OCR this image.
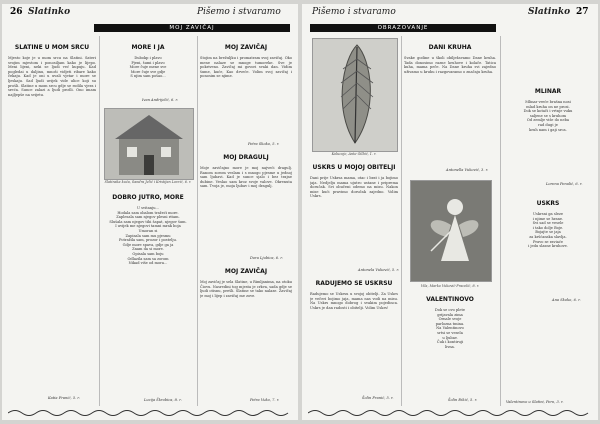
26 Slatinko	Pišemo i stvaramo
MOJ ZAVIČAJ
SLATINE U MOM SRCU
Mjesto koje je u mom srcu na Slatini. Sateri svojim mjestom i ponosiljam kako je lijepo. Meni lijeni, neki se ljudi već kupuju. Kad pogledai u daljinu, mnoši vidjeti ribare kako čekaju. Kad je oni u uvali vjetar i more se ljeskaju. Sad ljudi uvijek vide ulice koji su prošli. Slatine u mom srcu gdje se rodila vjera i sreća. Sunce zalazi a ljudi prošli. Ono imam najljepše na svijetu.
Katia Franić, 5. r.
MORE I JA
Dubokp i plavo
Pjeni, šumi i plavo
More čuje mene sve
More čuje sve gdje
S njim sam pošao...
Ivan Andrijelić, 6. r.
Slatinska kuća, Sandra Jelić i Kristijan Lovrić, 6. r.
DOBRO JUTRO, MORE
U svitanju...
Hodala sam obalom tražeći more.
Zaplesala sam njegov plesni ritam.
Slušala sam njegov tihi šapat, njegov šum.
I uvijek me njegovi tamni mrak boja
Umoran si
Zapisala sam mu pjesmu
Potražila sam, prozor i postelju.
Gdje more spava, gdje ga ja
Znam da si more.
Opisala sam boju
Odlazila sam sa zorom
Nikad više od mora...
Lucija Škrobica, 8. r.
MOJ ZAVIČAJ
Stojim na brežuljku i promatram svoj zavičaj. Oko mene nalaze se mnoge tumoreke. Sve je pokriveno. Zavičaj mi govori svaki dan. Vidim šume, kuće, Kao drveće. Volim svoj zavičaj i ponosim se njime.
Petra Skoko, 5. r.
MOJ DRAGULJ
Moje zavičajno more je moj najveći dragulj. Ranom zorom veslam i s mnogo pjesme u jednoj sam ljubavi. Kad je sunce sjalo i bez trajne dubine. Veslao sam kroz svoje valove. Okrenuta sam. Tvoja je, moja ljubav i moj dragulj.
Dora Ljubica, 6. r.
MOJ ZAVIČAJ
Moj zavičaj je sela Slatine, u Rimljanima, na otoku Čiovu. Nasredini tog mjesta je crkva, sada gdje se ljudi otisnu, prešli. Slatine se tako nalaze. Zavičaj je moj i lijep i zavičaj me zove.
Petra Vuko, 7. r.
Pišemo i stvaramo	Slatinko 27
OBRAZOVANJE
Kolucoje, Ante Gilbić, 1. r.
USKRS U MOJOJ OBITELJI
Dani prije Uskrsa mama, otac i brat i ja bojimo jaja. Nedjelju mama ujutro ustane i priprema doručak. Svi obučeni odemo na misu. Nakon mise kući pravimo doručak zajedno. Volim Uskrs.
Antonela Vuković, 5. r.
RADUJEMO SE USKRSU
Radujemo se Uskrsu u svojoj obitelji. Za Uskrs je večeri bojimo jaja, mama nas vodi na misu. Na Uskrs mnogo dobrog i svakim pojedinca. Uskrs je dan radosti i obitelji. Volim Uskrs!
Šolin Franić, 5. r.
DANI KRUHA
Svake godine u školi obilježavamo Dane kruha. Tada donosimo razne kruhove i kolače. Tatica kuha, mama peče. Na Dane kruha svi zajedno uživamo u kruhu i razgovaramo o značaju kruha.
Antonella Vuković, 3. r.
Vila, Marko Vuković-Pracelić, 8. r.
VALENTINOVO
Dok se ovo plete
grijavala zima
Ornale svoje
parlozna tmina.
Na Valentinovo
srtsi se vesela
u ljubav.
Čuk i kontiruji
livna.
Šolin Đikić, 5. r.
MLINAR
Mlinar vreće brašna nosi
mlad kruha on ne prosi.
Dok se kotači i vrtnje vuku
saljene se s kruhom
Od zemlje više do neba
rad dugi je
kruh nam i gaji srca.
Lorena Penalić, 6. r.
USKRS
Uskrsni ga sleze
i njime se hrane.
Svi sad se vesele
i tako dolje Boje.
Bojajte se jaja
za kršćanska slavlja.
Pravo se raviaće
i jedu slasne kruhove.
Ana Skoko, 6. r.
Valentinovo u Slatini, Pero, 3. r.
